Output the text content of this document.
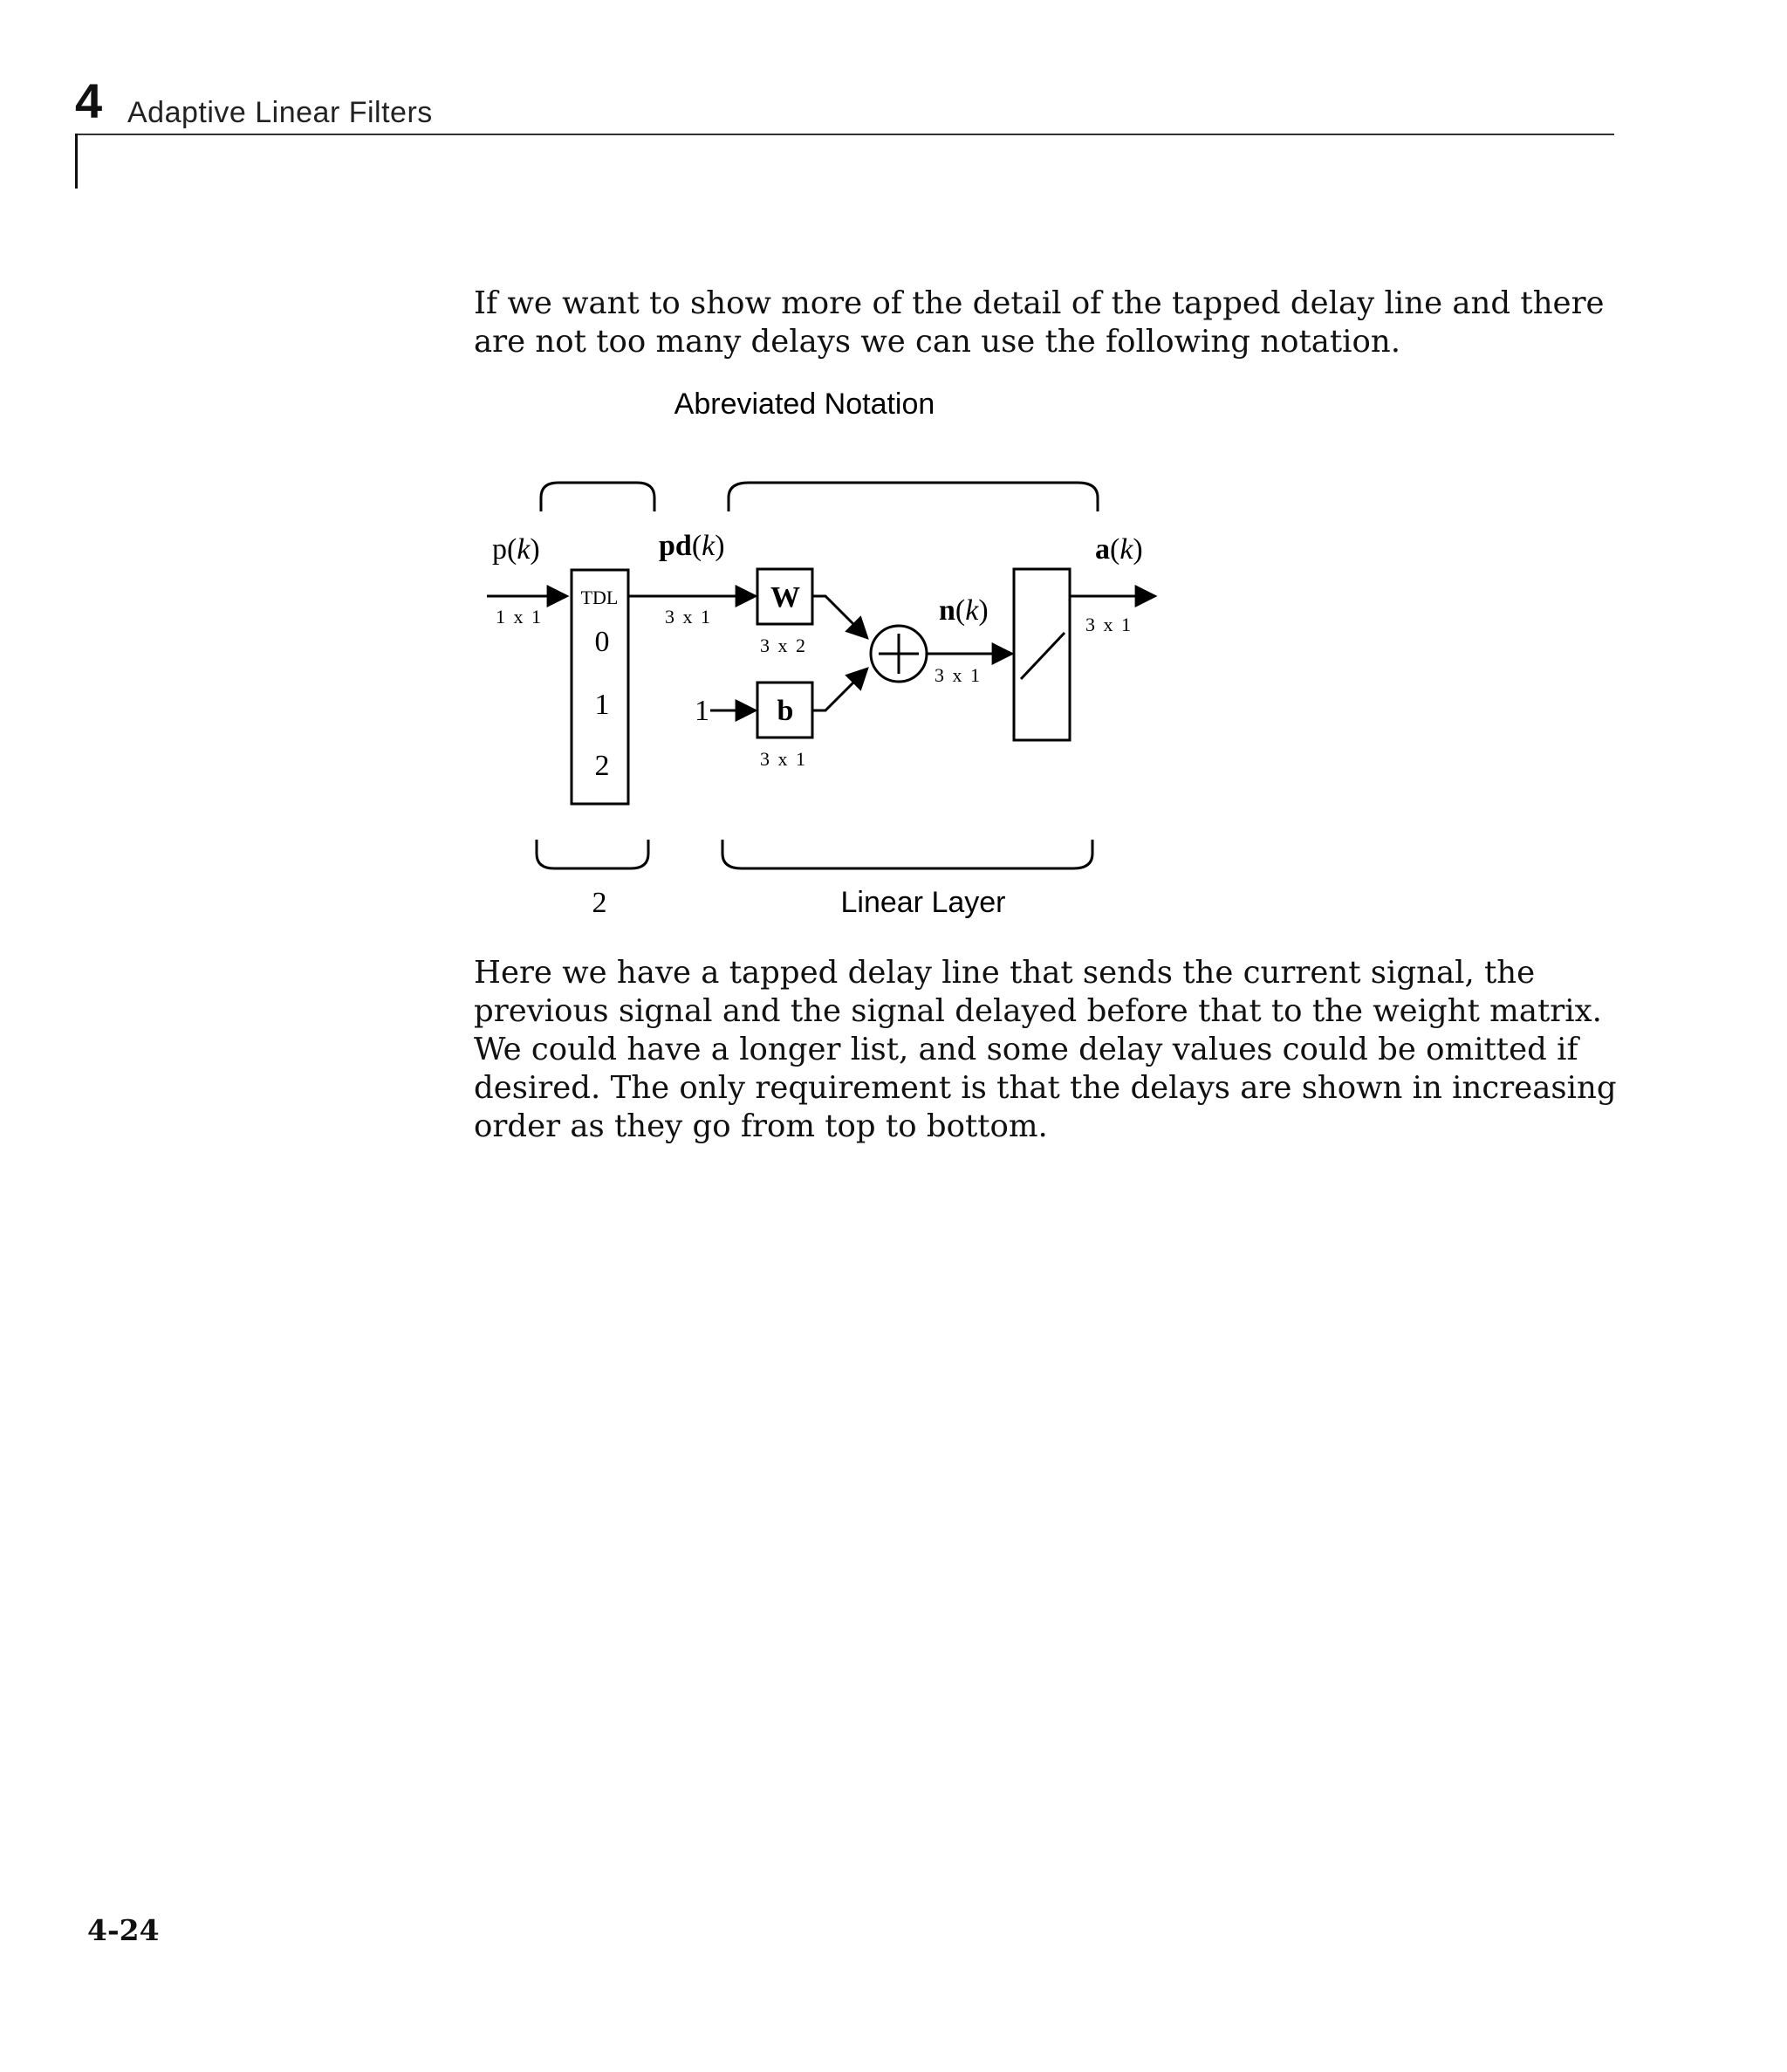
4 Adaptive Linear Filters

If we want to show more of the detail of the tapped delay line and there are not too many delays we can use the following notation.

Abreviated Notation
p(k)
1 x 1
TDL
0
1
2
pd(k)
3 x 1
W
3 x 2
1 b
3 x 1
n(k)
3 x 1
a(k)
3 x 1
2	Linear Layer

Here we have a tapped delay line that sends the current signal, the previous signal and the signal delayed before that to the weight matrix. We could have a longer list, and some delay values could be omitted if desired. The only requirement is that the delays are shown in increasing order as they go from top to bottom.

4-24
